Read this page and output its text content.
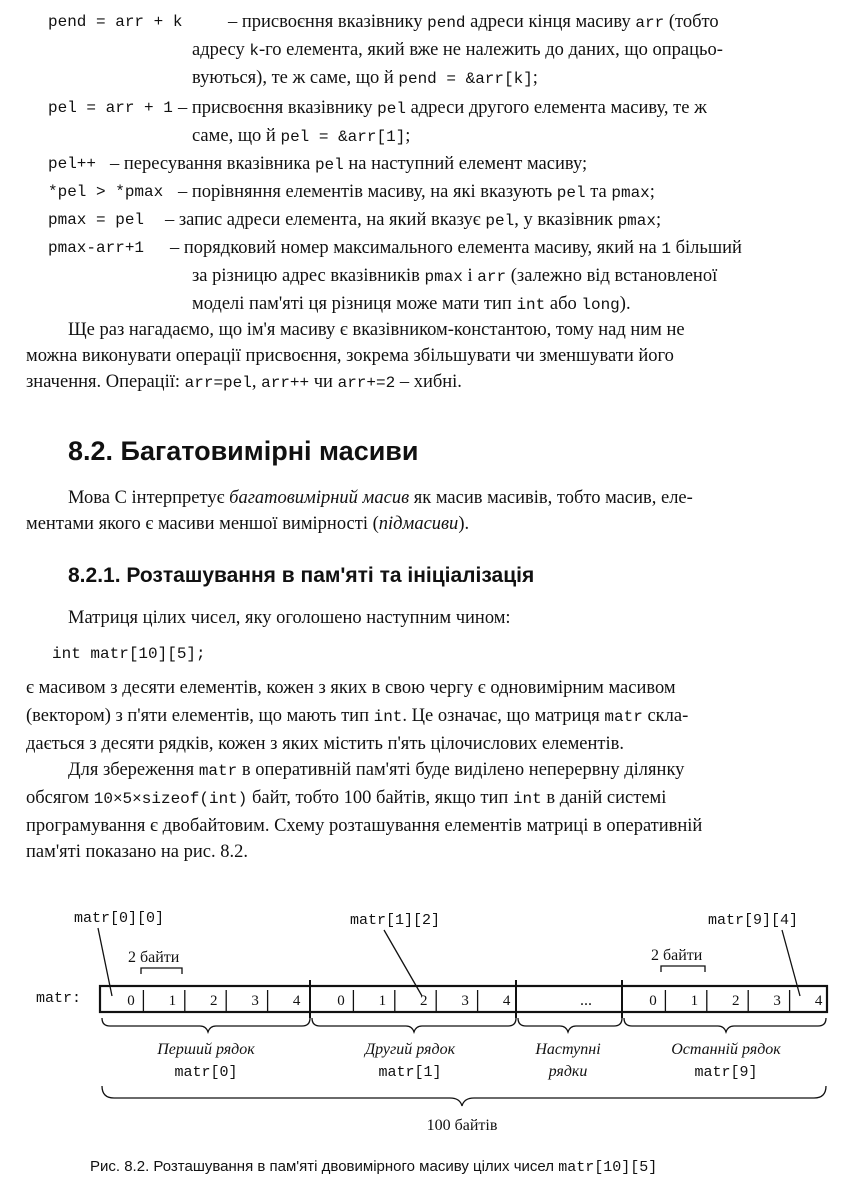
pend = arr + k – присвоєння вказівнику pend адреси кінця масиву arr (тобто
адресу k-го елемента, який вже не належить до даних, що опрацьо-
вуються), те ж саме, що й pend = &arr[k];
pel = arr + 1 – присвоєння вказівнику pel адреси другого елемента масиву, те ж
саме, що й pel = &arr[1];
pel++ – пересування вказівника pel на наступний елемент масиву;
*pel > *pmax – порівняння елементів масиву, на які вказують pel та pmax;
pmax = pel – запис адреси елемента, на який вказує pel, у вказівник pmax;
pmax-arr+1 – порядковий номер максимального елемента масиву, який на 1 більший
за різницю адрес вказівників pmax і arr (залежно від встановленої
моделі пам'яті ця різниця може мати тип int або long).
Ще раз нагадаємо, що ім'я масиву є вказівником-константою, тому над ним не
можна виконувати операції присвоєння, зокрема збільшувати чи зменшувати його
значення. Операції: arr=pel, arr++ чи arr+=2 – хибні.
8.2. Багатовимірні масиви
Мова С інтерпретує багатовимірний масив як масив масивів, тобто масив, еле-
ментами якого є масиви меншої вимірності (підмасиви).
8.2.1. Розташування в пам'яті та ініціалізація
Матриця цілих чисел, яку оголошено наступним чином:
int matr[10][5];
є масивом з десяти елементів, кожен з яких в свою чергу є одновимірним масивом
(вектором) з п'яти елементів, що мають тип int. Це означає, що матриця matr скла-
дається з десяти рядків, кожен з яких містить п'ять цілочислових елементів.
Для збереження matr в оперативній пам'яті буде виділено неперервну ділянку
обсягом 10×5×sizeof(int) байт, тобто 100 байтів, якщо тип int в даній системі
програмування є двобайтовим. Схему розташування елементів матриці в оперативній
пам'яті показано на рис. 8.2.
matr[0][0]	matr[1][2]	matr[9][4]
matr:
2 байти	2 байти
0 1 2 3 4 0 1 2 3 4	0 1 2 3 4
...
Перший рядок	Другий рядок	Наступні	Останній рядок
рядки
100 байтів
matr[0]	matr[1]	matr[9]
Рис. 8.2. Розташування в пам'яті двовимірного масиву цілих чисел matr[10][5]
